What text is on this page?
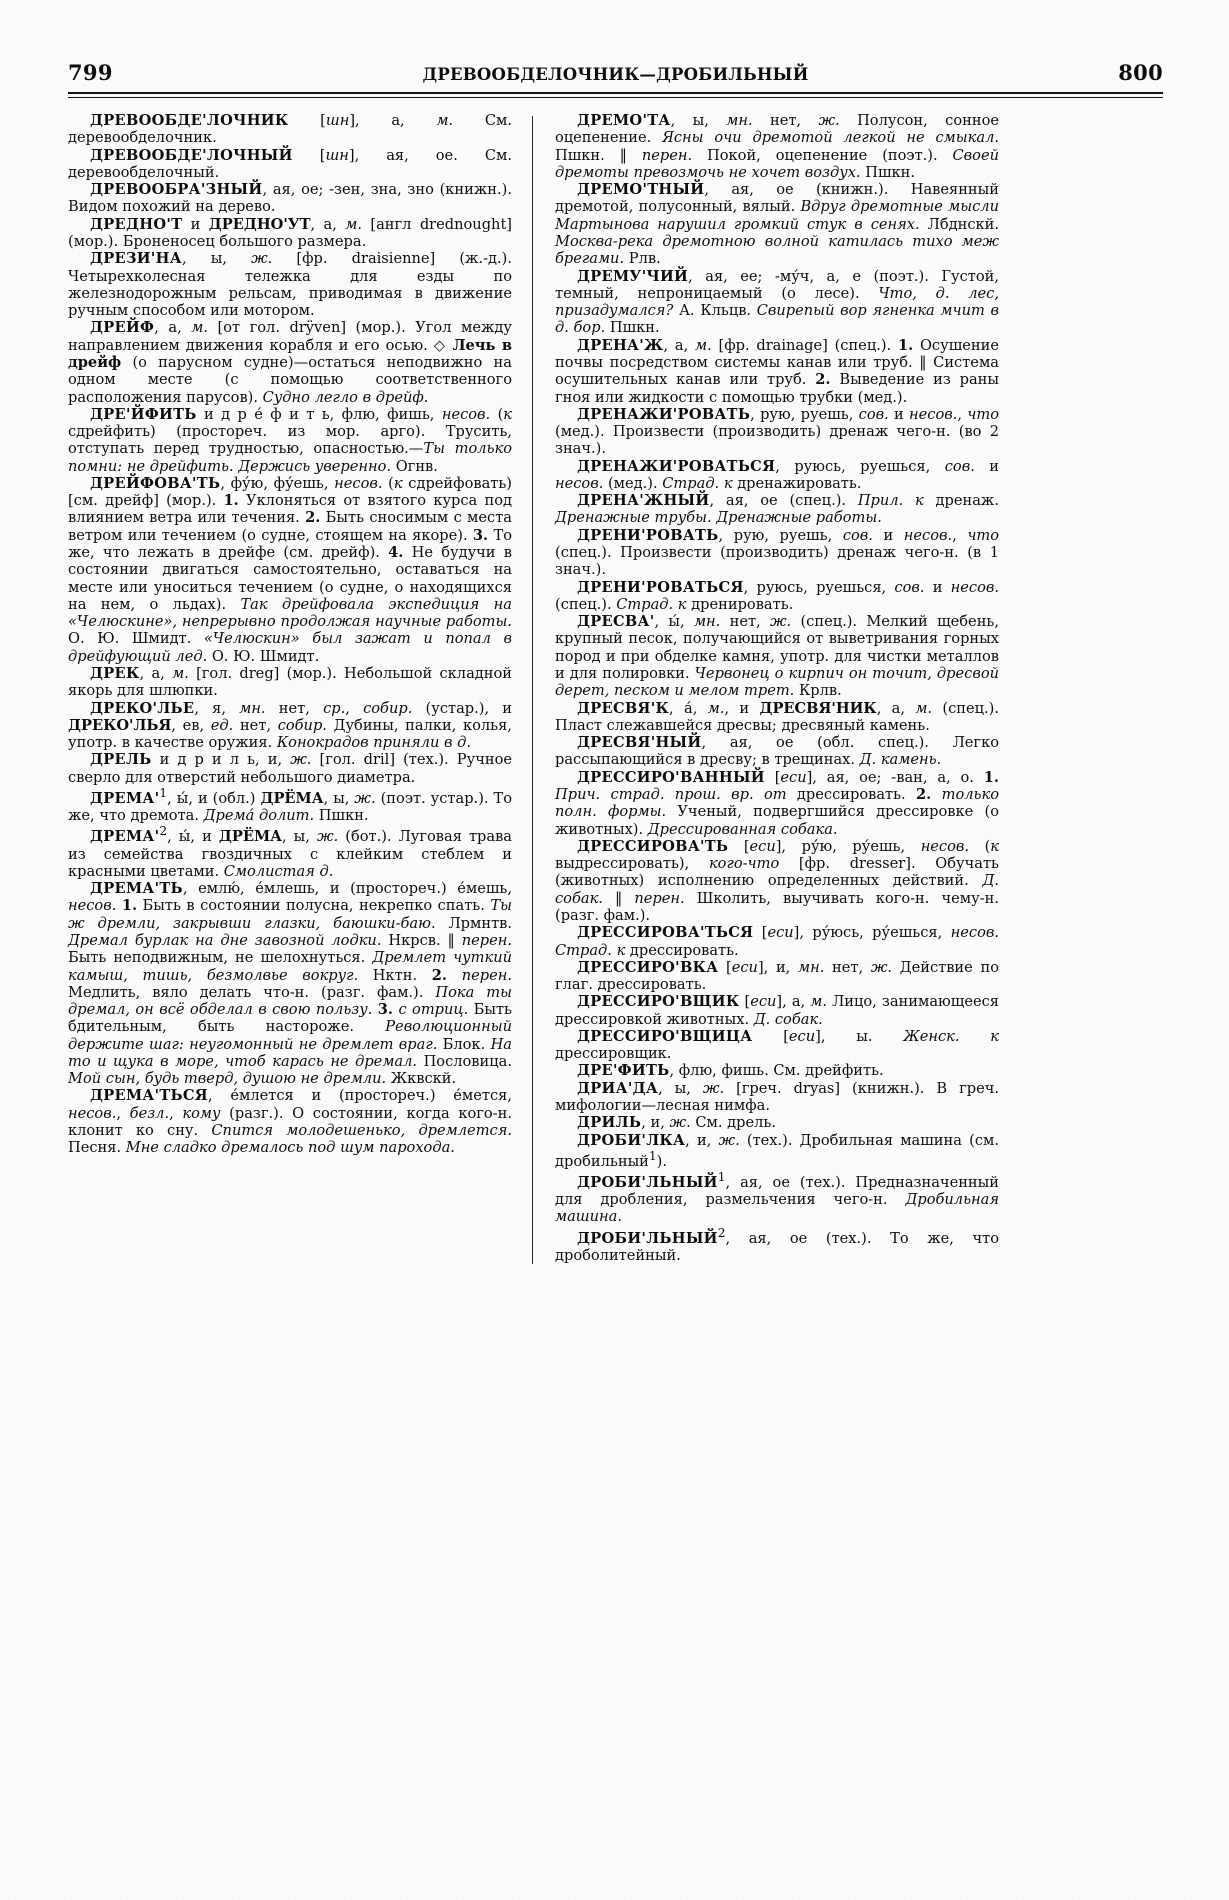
799	ДРЕВООБДЕЛОЧНИК—ДРОБИЛЬНЫЙ	800

ДРЕВООБДЕ'ЛОЧНИК [шн], а, м. См. деревообделочник.

ДРЕВООБДЕ'ЛОЧНЫЙ [шн], ая, ое. См. деревообделочный.

ДРЕВООБРА'ЗНЫЙ, ая, ое; -зен, зна, зно (книжн.). Видом похожий на дерево.

ДРЕДНО'Т и ДРЕДНО'УТ, а, м. [англ drednought] (мор.). Броненосец большого размера.

ДРЕЗИ'НА, ы, ж. [фр. draisienne] (ж.-д.). Четырехколесная тележка для езды по железнодорожным рельсам, приводимая в движение ручным способом или мотором.

ДРЕЙФ, а, м. [от гол. drÿven] (мор.). Угол между направлением движения корабля и его осью. ◇ Лечь в дрейф (о парусном судне)—остаться неподвижно на одном месте (с помощью соответственного расположения парусов). Судно легло в дрейф.

ДРЕ'ЙФИТЬ и д р е́ ф и т ь, флю, фишь, несов. (к сдрейфить) (простореч. из мор. арго). Трусить, отступать перед трудностью, опасностью.—Ты только помни: не дрейфить. Держись уверенно. Огнв.

ДРЕЙФОВА'ТЬ, фу́ю, фу́ешь, несов. (к сдрейфовать) [см. дрейф] (мор.). 1. Уклоняться от взятого курса под влиянием ветра или течения. 2. Быть сносимым с места ветром или течением (о судне, стоящем на якоре). 3. То же, что лежать в дрейфе (см. дрейф). 4. Не будучи в состоянии двигаться самостоятельно, оставаться на месте или уноситься течением (о судне, о находящихся на нем, о льдах). Так дрейфовала экспедиция на «Челюскине», непрерывно продолжая научные работы. О. Ю. Шмидт. «Челюскин» был зажат и попал в дрейфующий лед. О. Ю. Шмидт.

ДРЕК, а, м. [гол. dreg] (мор.). Небольшой складной якорь для шлюпки.

ДРЕКО'ЛЬЕ, я, мн. нет, ср., собир. (устар.), и ДРЕКО'ЛЬЯ, ев, ед. нет, собир. Дубины, палки, колья, употр. в качестве оружия. Конокрадов приняли в д.

ДРЕЛЬ и д р и л ь, и, ж. [гол. dril] (тех.). Ручное сверло для отверстий небольшого диаметра.

$ДРЕМА'^1$, ы́, и (обл.) ДРЁМА, ы, ж. (поэт. устар.). То же, что дремота. Дрема́ долит. Пшкн.

$ДРЕМА'^2$, ы́, и ДРЁМА, ы, ж. (бот.). Луговая трава из семейства гвоздичных с клейким стеблем и красными цветами. Смолистая д.

ДРЕМА'ТЬ, емлю́, е́млешь, и (простореч.) е́мешь, несов. 1. Быть в состоянии полусна, некрепко спать. Ты ж дремли, закрывши глазки, баюшки-баю. Лрмнтв. Дремал бурлак на дне завозной лодки. Нкрсв. ‖ перен. Быть неподвижным, не шелохнуться. Дремлет чуткий камыш, тишь, безмолвье вокруг. Нктн. 2. перен. Медлить, вяло делать что-н. (разг. фам.). Пока ты дремал, он всё обделал в свою пользу. 3. с отриц. Быть бдительным, быть настороже. Революционный держите шаг: неугомонный не дремлет враг. Блок. На то и щука в море, чтоб карась не дремал. Пословица. Мой сын, будь тверд, душою не дремли. Жквскй.

ДРЕМА'ТЬСЯ, е́млется и (простореч.) е́мется, несов., безл., кому (разг.). О состоянии, когда кого-н. клонит ко сну. Спится молодешенько, дремлется. Песня. Мне сладко дремалось под шум парохода.

ДРЕМО'ТА, ы, мн. нет, ж. Полусон, сонное оцепенение. Ясны очи дремотой легкой не смыкал. Пшкн. ‖ перен. Покой, оцепенение (поэт.). Своей дремоты превозмочь не хочет воздух. Пшкн.

ДРЕМО'ТНЫЙ, ая, ое (книжн.). Навеянный дремотой, полусонный, вялый. Вдруг дремотные мысли Мартынова нарушил громкий стук в сенях. Лбднскй. Москва-река дремотною волной катилась тихо меж брегами. Рлв.

ДРЕМУ'ЧИЙ, ая, ее; -му́ч, а, е (поэт.). Густой, темный, непроницаемый (о лесе). Что, д. лес, призадумался? А. Кльцв. Свирепый вор ягненка мчит в д. бор. Пшкн.

ДРЕНА'Ж, а, м. [фр. drainage] (спец.). 1. Осушение почвы посредством системы канав или труб. ‖ Система осушительных канав или труб. 2. Выведение из раны гноя или жидкости с помощью трубки (мед.).

ДРЕНАЖИ'РОВАТЬ, рую, руешь, сов. и несов., что (мед.). Произвести (производить) дренаж чего-н. (во 2 знач.).

ДРЕНАЖИ'РОВАТЬСЯ, руюсь, руешься, сов. и несов. (мед.). Страд. к дренажировать.

ДРЕНА'ЖНЫЙ, ая, ое (спец.). Прил. к дренаж. Дренажные трубы. Дренажные работы.

ДРЕНИ'РОВАТЬ, рую, руешь, сов. и несов., что (спец.). Произвести (производить) дренаж чего-н. (в 1 знач.).

ДРЕНИ'РОВАТЬСЯ, руюсь, руешься, сов. и несов. (спец.). Страд. к дренировать.

ДРЕСВА', ы́, мн. нет, ж. (спец.). Мелкий щебень, крупный песок, получающийся от выветривания горных пород и при обделке камня, употр. для чистки металлов и для полировки. Червонец о кирпич он точит, дресвой дерет, песком и мелом трет. Крлв.

ДРЕСВЯ'К, а́, м., и ДРЕСВЯ'НИК, а, м. (спец.). Пласт слежавшейся дресвы; дресвяный камень.

ДРЕСВЯ'НЫЙ, ая, ое (обл. спец.). Легко рассыпающийся в дресву; в трещинах. Д. камень.

ДРЕССИРО'ВАННЫЙ [еси], ая, ое; -ван, а, о. 1. Прич. страд. прош. вр. от дрессировать. 2. только полн. формы. Ученый, подвергшийся дрессировке (о животных). Дрессированная собака.

ДРЕССИРОВА'ТЬ [еси], ру́ю, ру́ешь, несов. (к выдрессировать), кого-что [фр. dresser]. Обучать (животных) исполнению определенных действий. Д. собак. ‖ перен. Школить, выучивать кого-н. чему-н. (разг. фам.).

ДРЕССИРОВА'ТЬСЯ [еси], ру́юсь, ру́ешься, несов. Страд. к дрессировать.

ДРЕССИРО'ВКА [еси], и, мн. нет, ж. Действие по глаг. дрессировать.

ДРЕССИРО'ВЩИК [еси], а, м. Лицо, занимающееся дрессировкой животных. Д. собак.

ДРЕССИРО'ВЩИЦА [еси], ы. Женск. к дрессировщик.

ДРЕ'ФИТЬ, флю, фишь. См. дрейфить.

ДРИА'ДА, ы, ж. [греч. dryas] (книжн.). В греч. мифологии—лесная нимфа.

ДРИЛЬ, и, ж. См. дрель.

ДРОБИ'ЛКА, и, ж. (тех.). Дробильная машина (см. дробильный$^1$).

ДРОБИ'ЛЬНЫЙ$^1$, ая, ое (тех.). Предназначенный для дробления, размельчения чего-н. Дробильная машина.

ДРОБИ'ЛЬНЫЙ$^2$, ая, ое (тех.). То же, что дроболитейный.
